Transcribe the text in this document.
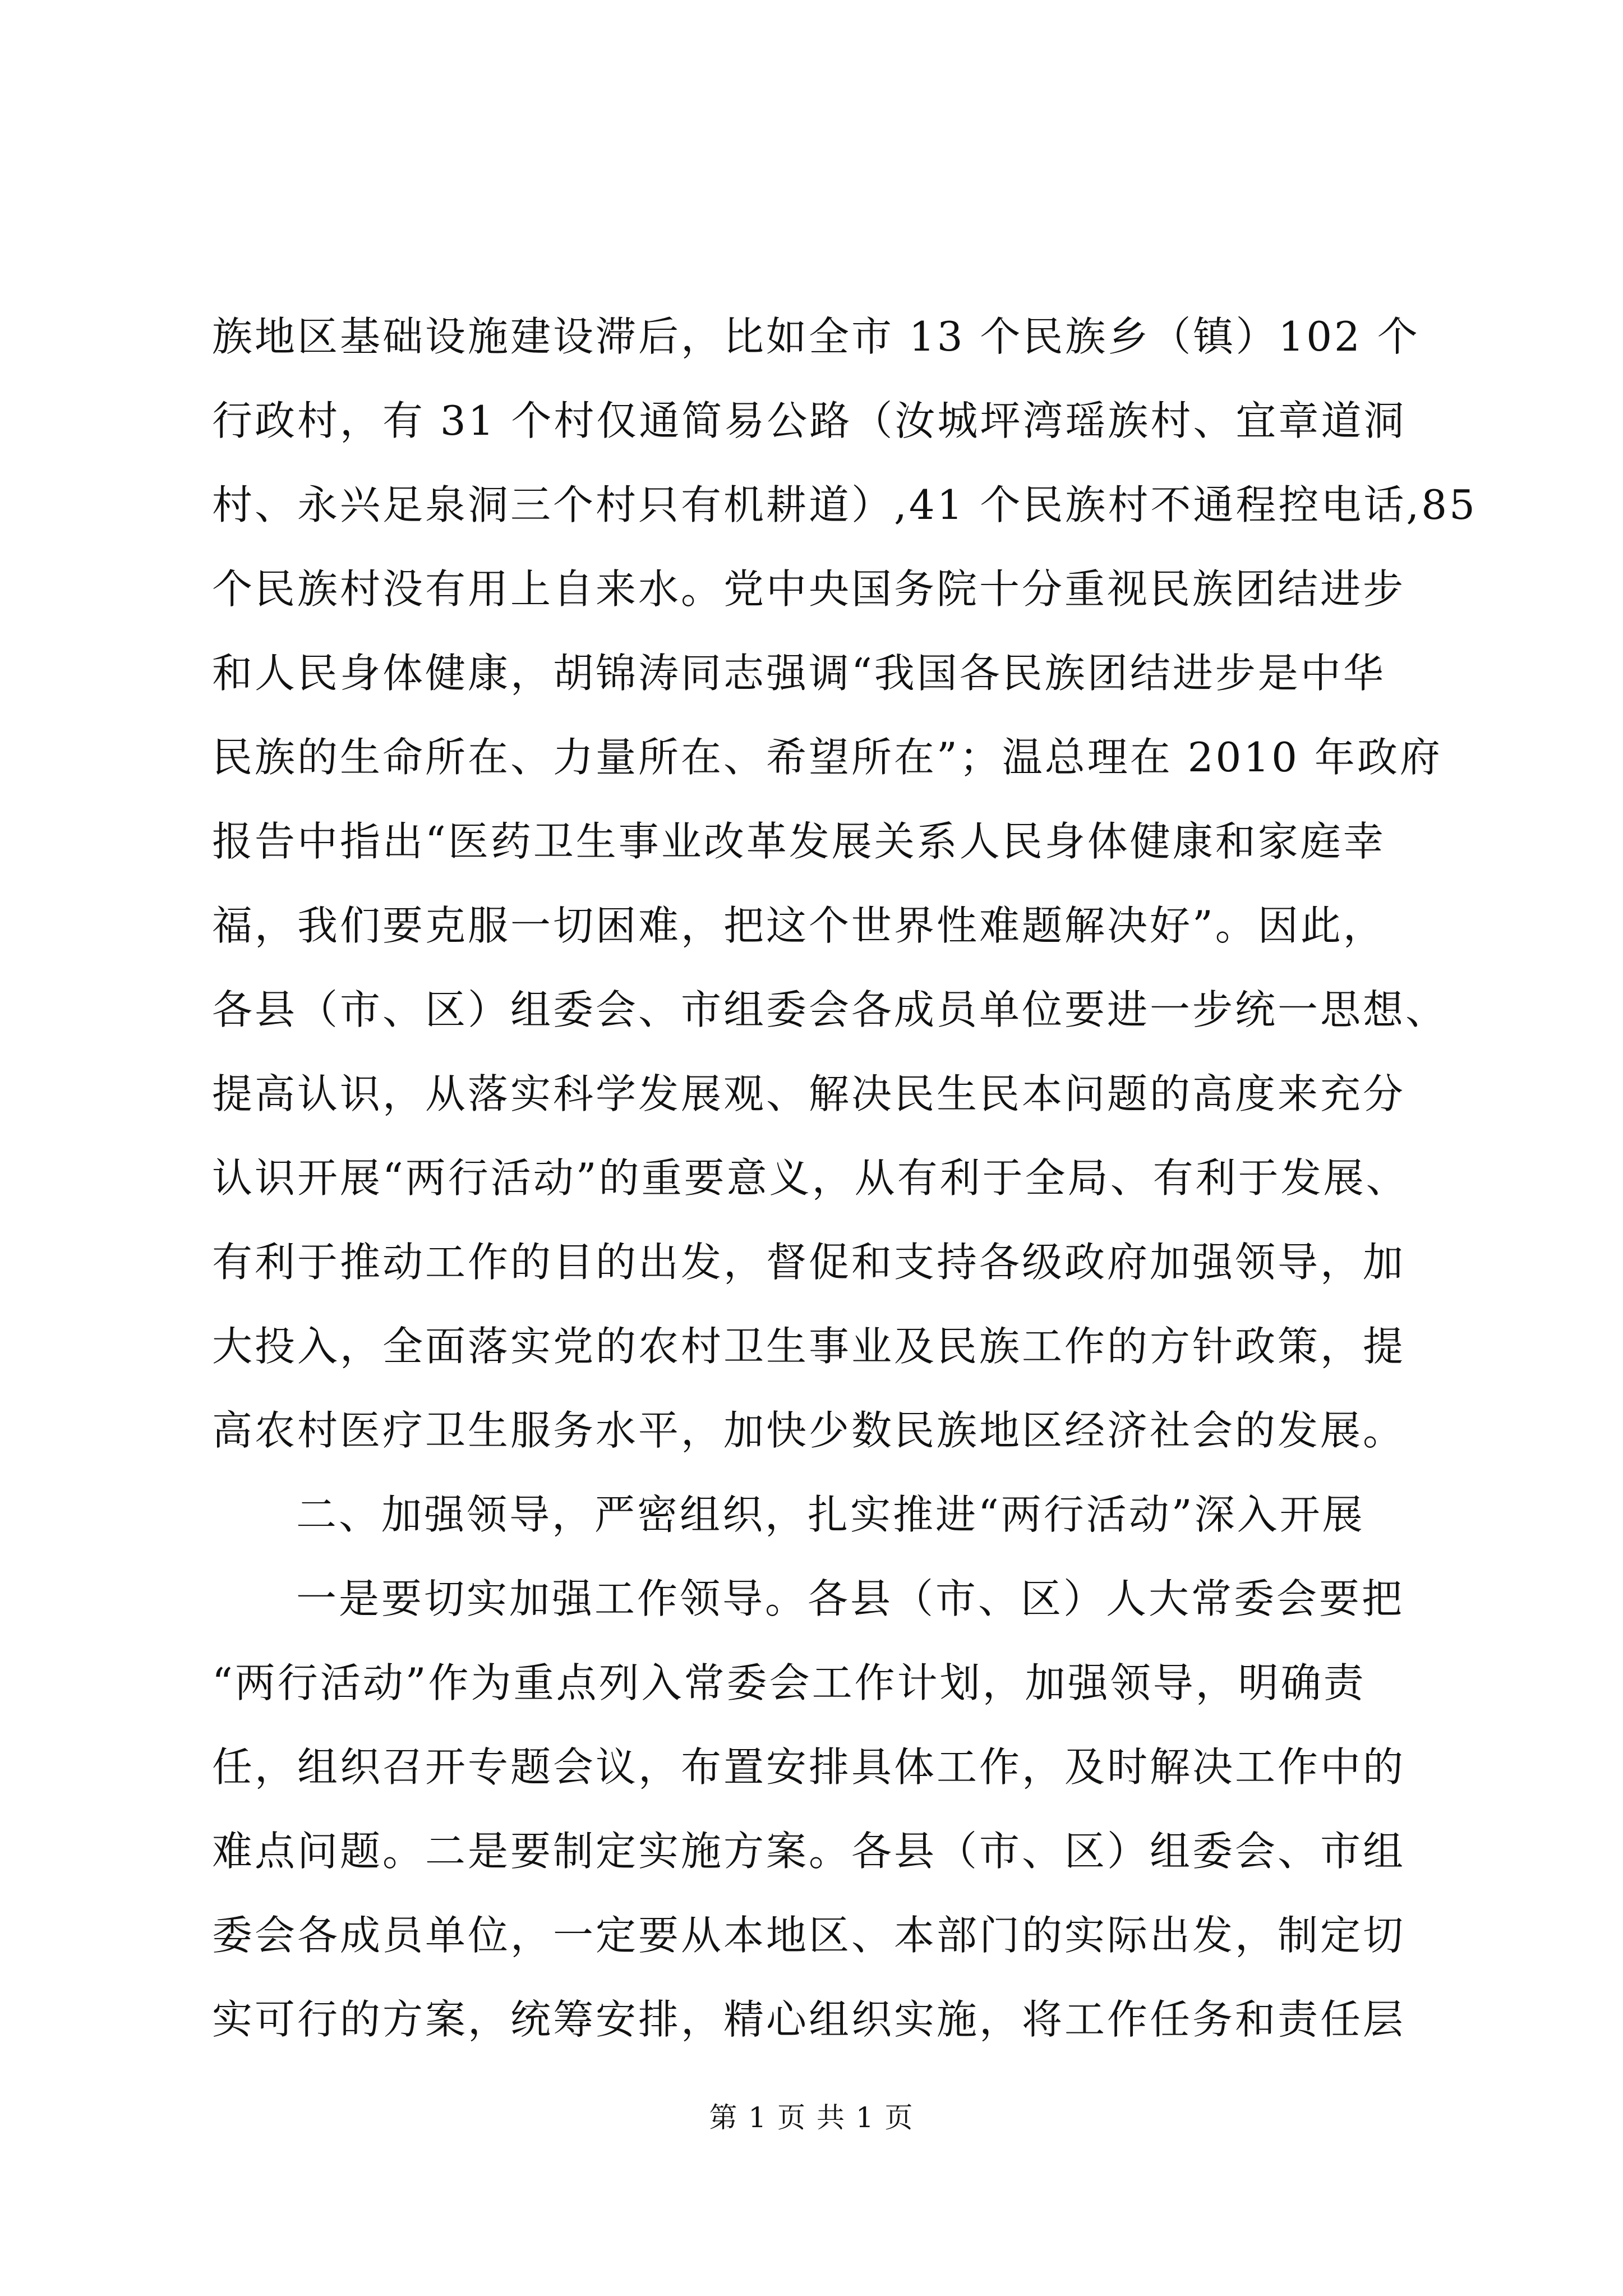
族地区基础设施建设滞后，比如全市 13 个民族乡（镇）102 个
行政村，有 31 个村仅通简易公路（汝城坪湾瑶族村、宜章道洞
村、永兴足泉洞三个村只有机耕道）,41 个民族村不通程控电话,85
个民族村没有用上自来水。党中央国务院十分重视民族团结进步
和人民身体健康，胡锦涛同志强调“我国各民族团结进步是中华
民族的生命所在、力量所在、希望所在”；温总理在 2010 年政府
报告中指出“医药卫生事业改革发展关系人民身体健康和家庭幸
福，我们要克服一切困难，把这个世界性难题解决好”。因此，
各县（市、区）组委会、市组委会各成员单位要进一步统一思想、
提高认识，从落实科学发展观、解决民生民本问题的高度来充分
认识开展“两行活动”的重要意义，从有利于全局、有利于发展、
有利于推动工作的目的出发，督促和支持各级政府加强领导，加
大投入，全面落实党的农村卫生事业及民族工作的方针政策，提
高农村医疗卫生服务水平，加快少数民族地区经济社会的发展。
二、加强领导，严密组织，扎实推进“两行活动”深入开展
一是要切实加强工作领导。各县（市、区）人大常委会要把
“两行活动”作为重点列入常委会工作计划，加强领导，明确责
任，组织召开专题会议，布置安排具体工作，及时解决工作中的
难点问题。二是要制定实施方案。各县（市、区）组委会、市组
委会各成员单位，一定要从本地区、本部门的实际出发，制定切
实可行的方案，统筹安排，精心组织实施，将工作任务和责任层
第 1 页 共 1 页
